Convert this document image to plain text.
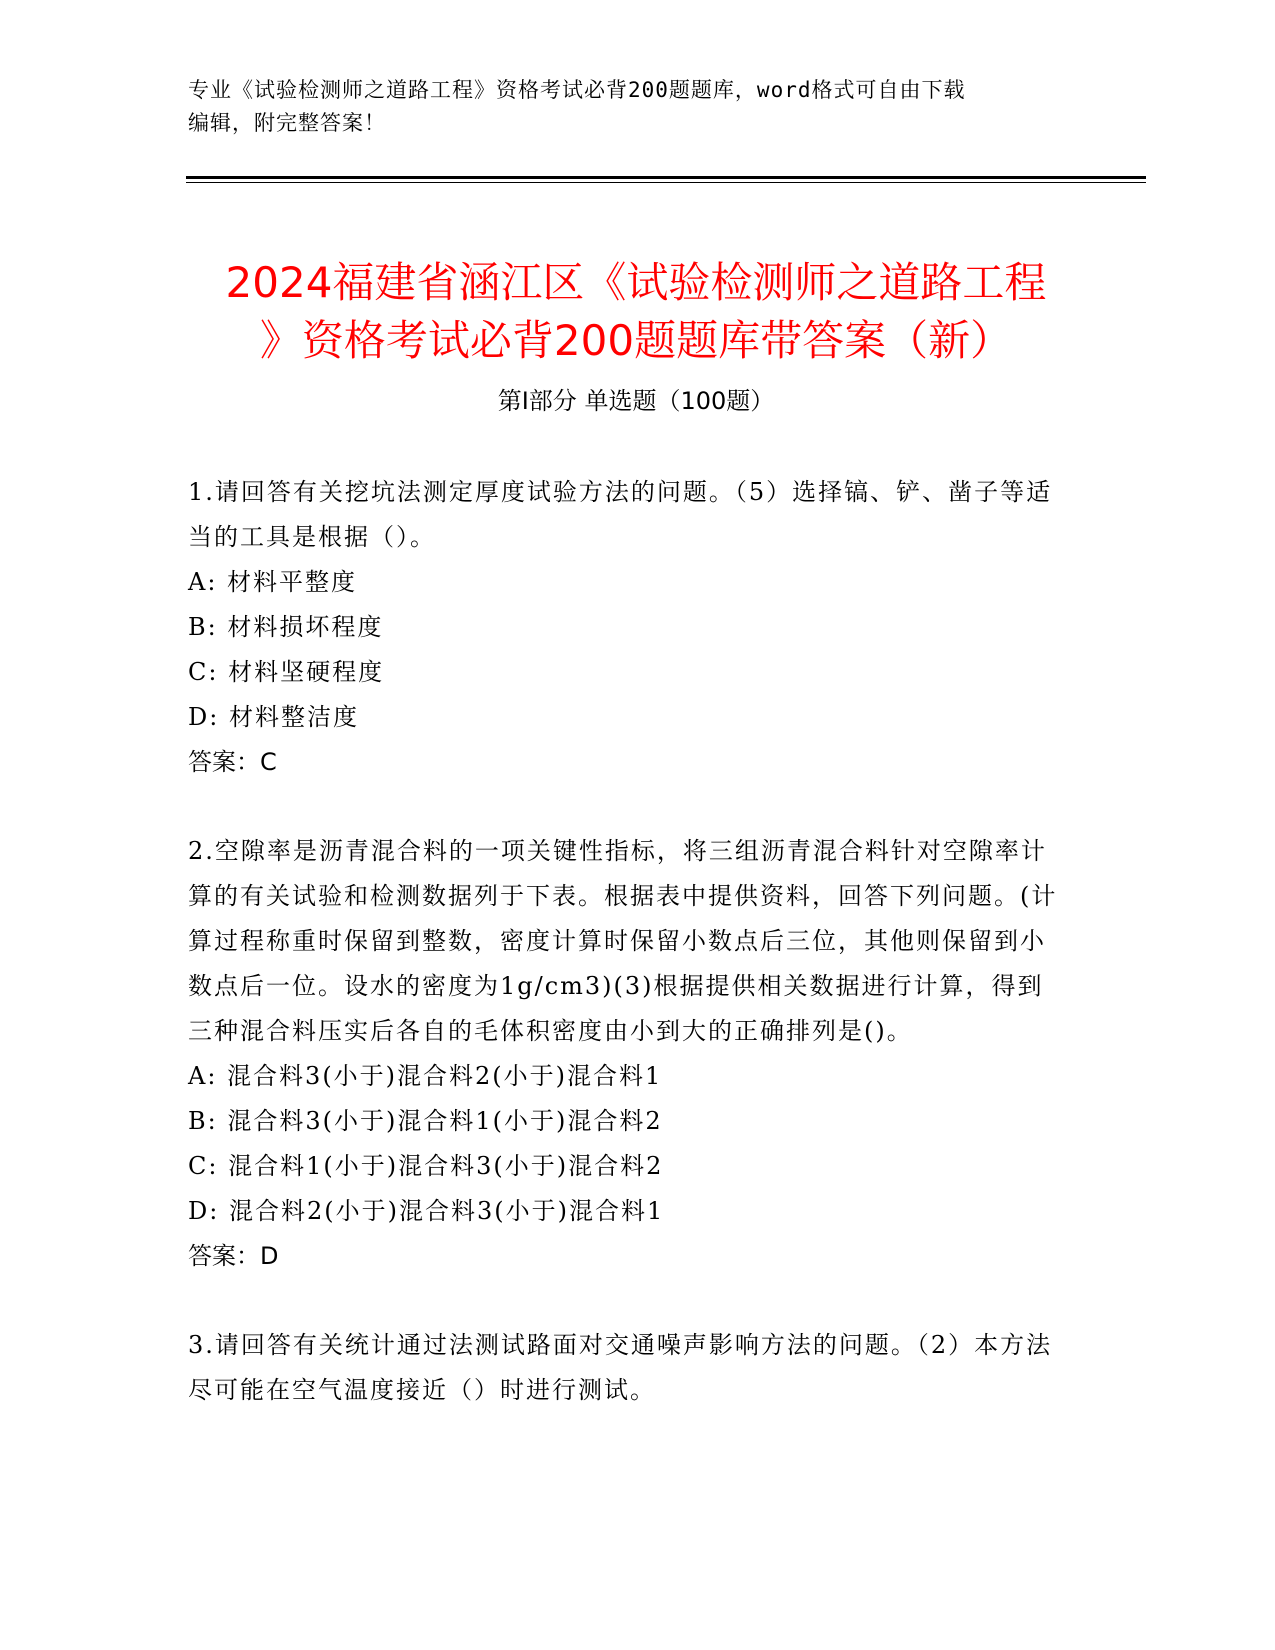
专业《试验检测师之道路工程》资格考试必背200题题库，word格式可自由下载
编辑，附完整答案！
2024福建省涵江区《试验检测师之道路工程
》资格考试必背200题题库带答案（新）
第Ⅰ部分 单选题（100题）

1.请回答有关挖坑法测定厚度试验方法的问题。（5）选择镐、铲、凿子等适当的工具是根据（）。

A: 材料平整度

B: 材料损坏程度

C: 材料坚硬程度

D: 材料整洁度

答案：C

2.空隙率是沥青混合料的一项关键性指标，将三组沥青混合料针对空隙率计算的有关试验和检测数据列于下表。根据表中提供资料，回答下列问题。(计算过程称重时保留到整数，密度计算时保留小数点后三位，其他则保留到小数点后一位。设水的密度为1g/cm3)(3)根据提供相关数据进行计算，得到三种混合料压实后各自的毛体积密度由小到大的正确排列是()。

A: 混合料3(小于)混合料2(小于)混合料1

B: 混合料3(小于)混合料1(小于)混合料2

C: 混合料1(小于)混合料3(小于)混合料2

D: 混合料2(小于)混合料3(小于)混合料1

答案：D

3.请回答有关统计通过法测试路面对交通噪声影响方法的问题。（2）本方法尽可能在空气温度接近（）时进行测试。
